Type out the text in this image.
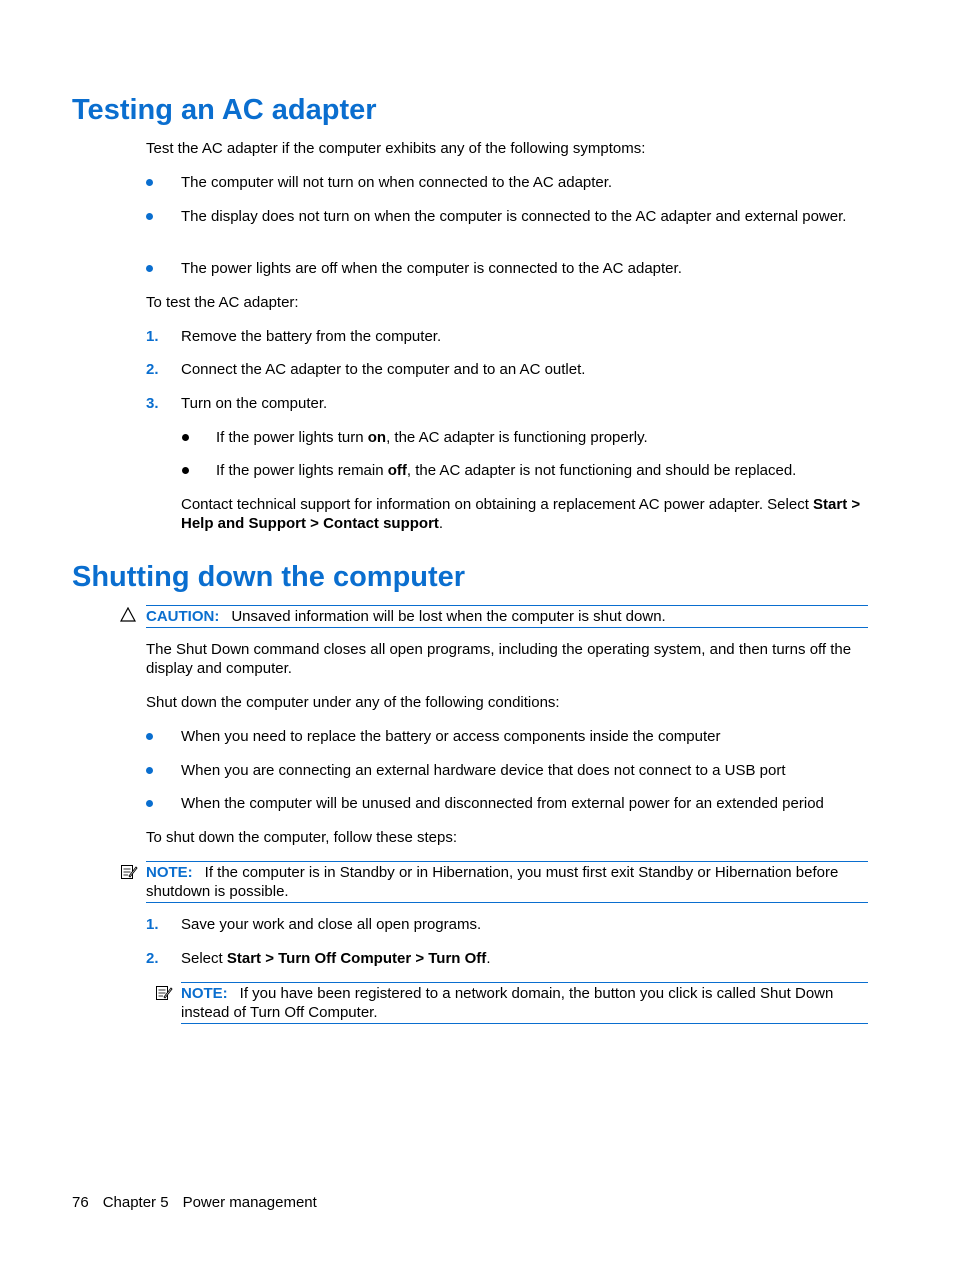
Testing an AC adapter

Test the AC adapter if the computer exhibits any of the following symptoms:

The computer will not turn on when connected to the AC adapter.
The display does not turn on when the computer is connected to the AC adapter and external power.
The power lights are off when the computer is connected to the AC adapter.

To test the AC adapter:

1. Remove the battery from the computer.
2. Connect the AC adapter to the computer and to an AC outlet.
3. Turn on the computer.
If the power lights turn on, the AC adapter is functioning properly.
If the power lights remain off, the AC adapter is not functioning and should be replaced.

Contact technical support for information on obtaining a replacement AC power adapter. Select Start > Help and Support > Contact support.

Shutting down the computer
CAUTION: Unsaved information will be lost when the computer is shut down.

The Shut Down command closes all open programs, including the operating system, and then turns off the display and computer.

Shut down the computer under any of the following conditions:

When you need to replace the battery or access components inside the computer
When you are connecting an external hardware device that does not connect to a USB port
When the computer will be unused and disconnected from external power for an extended period

To shut down the computer, follow these steps:

NOTE: If the computer is in Standby or in Hibernation, you must first exit Standby or Hibernation before shutdown is possible.
1. Save your work and close all open programs.
2. Select Start > Turn Off Computer > Turn Off.
NOTE: If you have been registered to a network domain, the button you click is called Shut Down instead of Turn Off Computer.
76 Chapter 5 Power management
